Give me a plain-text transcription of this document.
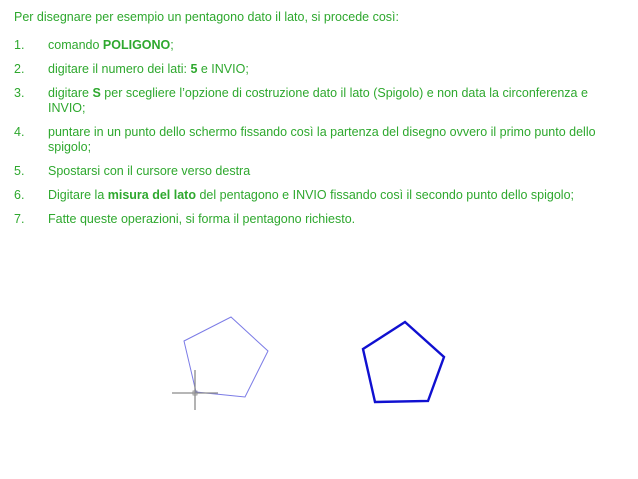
Per disegnare per esempio un pentagono dato il lato, si procede così:
1. comando POLIGONO;
2. digitare il numero dei lati: 5 e INVIO;
3. digitare S per scegliere l’opzione di costruzione dato il lato (Spigolo) e non data la circonferenza e INVIO;
4. puntare in un punto dello schermo fissando così la partenza del disegno ovvero il primo punto dello spigolo;
5. Spostarsi con il cursore verso destra
6. Digitare la misura del lato del pentagono e INVIO fissando così il secondo punto dello spigolo;
7. Fatte queste operazioni, si forma il pentagono richiesto.
